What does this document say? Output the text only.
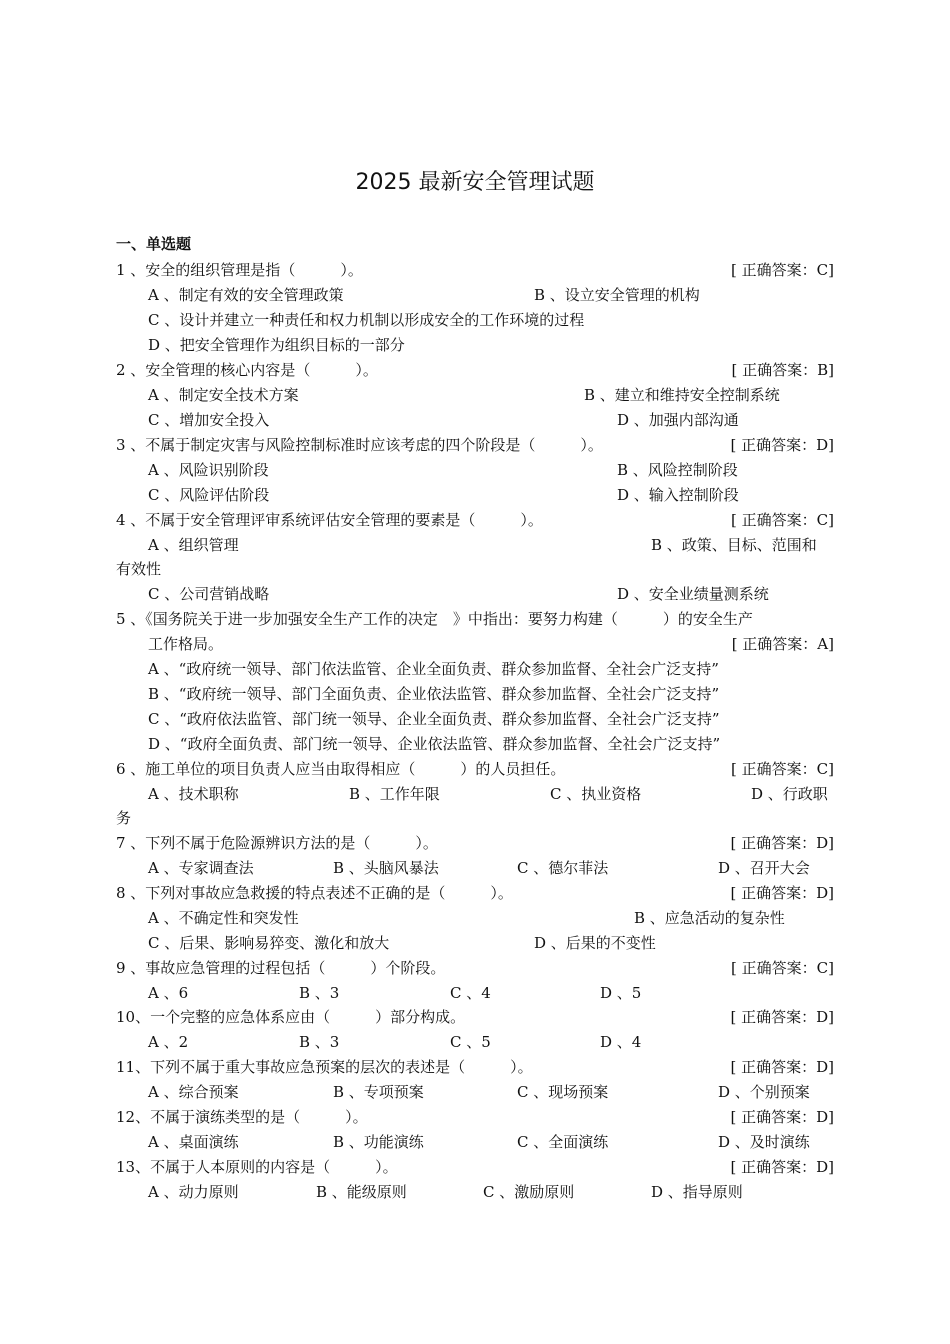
2025 最新安全管理试题
一、单选题
1 、安全的组织管理是指（　　　）。	[ 正确答案：C]
A 、制定有效的安全管理政策	B 、设立安全管理的机构
C 、设计并建立一种责任和权力机制以形成安全的工作环境的过程
D 、把安全管理作为组织目标的一部分
2 、安全管理的核心内容是（　　　）。	[ 正确答案：B]
A 、制定安全技术方案	B 、建立和维持安全控制系统
C 、增加安全投入	D 、加强内部沟通
3 、不属于制定灾害与风险控制标准时应该考虑的四个阶段是（　　　）。	[ 正确答案：D]
A 、风险识别阶段	B 、风险控制阶段
C 、风险评估阶段	D 、输入控制阶段
4 、不属于安全管理评审系统评估安全管理的要素是（　　　）。	[ 正确答案：C]
A 、组织管理	B 、政策、目标、范围和
有效性
C 、公司营销战略	D 、安全业绩量测系统
5 、《国务院关于进一步加强安全生产工作的决定　》中指出：要努力构建（　　　）的安全生产
工作格局。	[ 正确答案：A]
A 、“政府统一领导、部门依法监管、企业全面负责、群众参加监督、全社会广泛支持”
B 、“政府统一领导、部门全面负责、企业依法监管、群众参加监督、全社会广泛支持”
C 、“政府依法监管、部门统一领导、企业全面负责、群众参加监督、全社会广泛支持”
D 、“政府全面负责、部门统一领导、企业依法监管、群众参加监督、全社会广泛支持”
6 、施工单位的项目负责人应当由取得相应（　　　）的人员担任。	[ 正确答案：C]
A 、技术职称	B 、工作年限	C 、执业资格	D 、行政职
务
7 、下列不属于危险源辨识方法的是（　　　）。	[ 正确答案：D]
A 、专家调查法	B 、头脑风暴法	C 、德尔菲法	D 、召开大会
8 、下列对事故应急救援的特点表述不正确的是（　　　）。	[ 正确答案：D]
A 、不确定性和突发性	B 、应急活动的复杂性
C 、后果、影响易猝变、激化和放大	D 、后果的不变性
9 、事故应急管理的过程包括（　　　）个阶段。	[ 正确答案：C]
A 、6	B 、3	C 、4	D 、5
10、一个完整的应急体系应由（　　　）部分构成。	[ 正确答案：D]
A 、2	B 、3	C 、5	D 、4
11、下列不属于重大事故应急预案的层次的表述是（　　　）。	[ 正确答案：D]
A 、综合预案	B 、专项预案	C 、现场预案	D 、个别预案
12、不属于演练类型的是（　　　）。	[ 正确答案：D]
A 、桌面演练	B 、功能演练	C 、全面演练	D 、及时演练
13、不属于人本原则的内容是（　　　）。	[ 正确答案：D]
A 、动力原则	B 、能级原则	C 、激励原则	D 、指导原则
